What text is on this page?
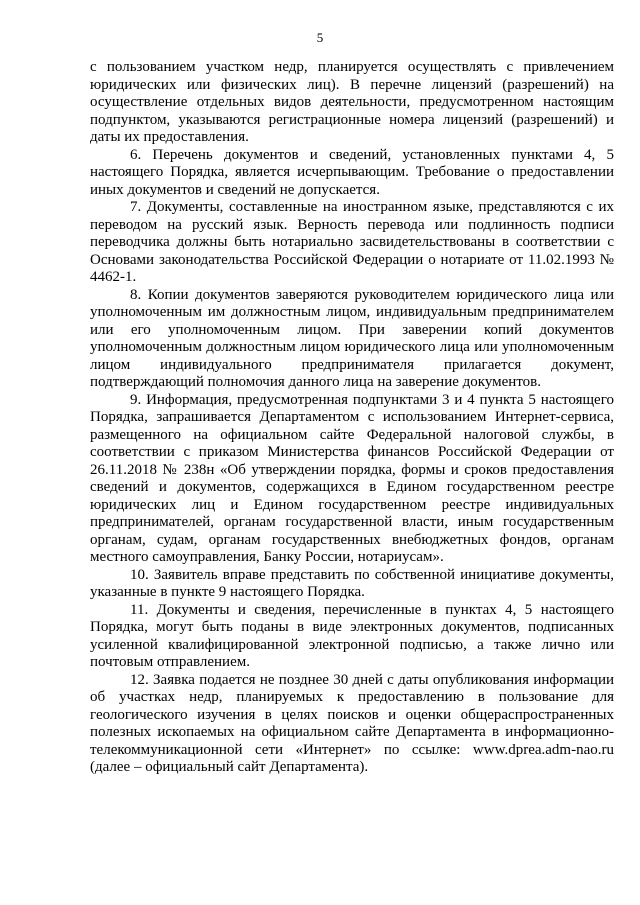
5

с пользованием участком недр, планируется осуществлять с привлечением юридических или физических лиц). В перечне лицензий (разрешений) на осуществление отдельных видов деятельности, предусмотренном настоящим подпунктом, указываются регистрационные номера лицензий (разрешений) и даты их предоставления.

6. Перечень документов и сведений, установленных пунктами 4, 5 настоящего Порядка, является исчерпывающим. Требование о предоставлении иных документов и сведений не допускается.

7. Документы, составленные на иностранном языке, представляются с их переводом на русский язык. Верность перевода или подлинность подписи переводчика должны быть нотариально засвидетельствованы в соответствии с Основами законодательства Российской Федерации о нотариате от 11.02.1993 № 4462-1.

8. Копии документов заверяются руководителем юридического лица или уполномоченным им должностным лицом, индивидуальным предпринимателем или его уполномоченным лицом. При заверении копий документов уполномоченным должностным лицом юридического лица или уполномоченным лицом индивидуального предпринимателя прилагается документ, подтверждающий полномочия данного лица на заверение документов.

9. Информация, предусмотренная подпунктами 3 и 4 пункта 5 настоящего Порядка, запрашивается Департаментом с использованием Интернет-сервиса, размещенного на официальном сайте Федеральной налоговой службы, в соответствии с приказом Министерства финансов Российской Федерации от 26.11.2018 № 238н «Об утверждении порядка, формы и сроков предоставления сведений и документов, содержащихся в Едином государственном реестре юридических лиц и Едином государственном реестре индивидуальных предпринимателей, органам государственной власти, иным государственным органам, судам, органам государственных внебюджетных фондов, органам местного самоуправления, Банку России, нотариусам».

10. Заявитель вправе представить по собственной инициативе документы, указанные в пункте 9 настоящего Порядка.

11. Документы и сведения, перечисленные в пунктах 4, 5 настоящего Порядка, могут быть поданы в виде электронных документов, подписанных усиленной квалифицированной электронной подписью, а также лично или почтовым отправлением.

12. Заявка подается не позднее 30 дней с даты опубликования информации об участках недр, планируемых к предоставлению в пользование для геологического изучения в целях поисков и оценки общераспространенных полезных ископаемых на официальном сайте Департамента в информационно-телекоммуникационной сети «Интернет» по ссылке: www.dprea.adm-nao.ru (далее – официальный сайт Департамента).
